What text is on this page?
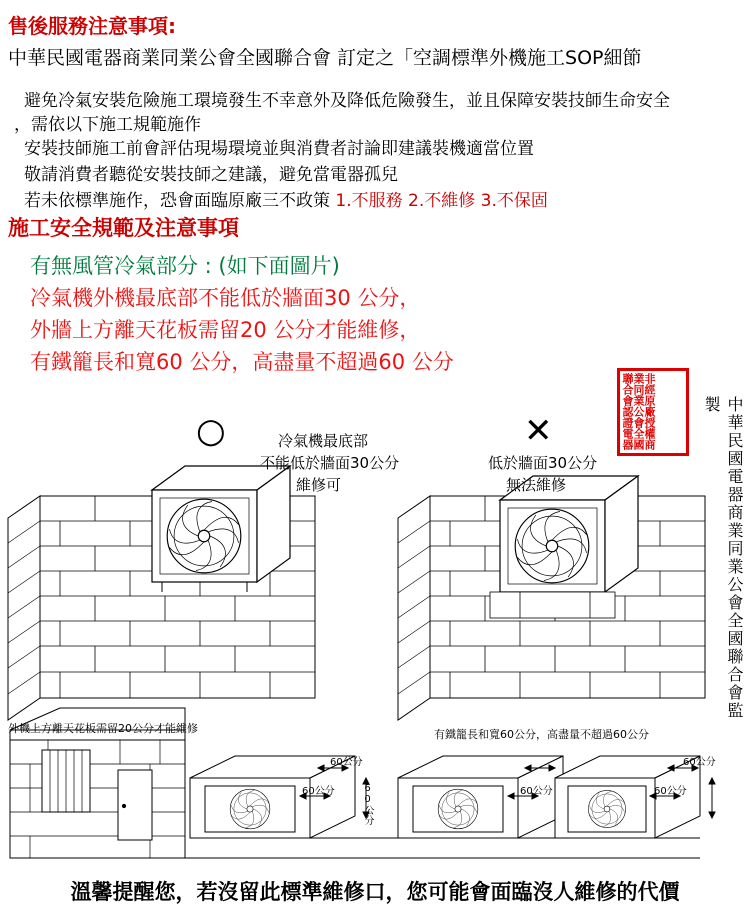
售後服務注意事項:
中華民國電器商業同業公會全國聯合會 訂定之「空調標準外機施工SOP細節
避免冷氣安裝危險施工環境發生不幸意外及降低危險發生，並且保障安裝技師生命安全
，需依以下施工規範施作
安裝技師施工前會評估現場環境並與消費者討論即建議裝機適當位置
敬請消費者聽從安裝技師之建議，避免當電器孤兒
若未依標準施作，恐會面臨原廠三不政策 1.不服務 2.不維修 3.不保固
施工安全規範及注意事項
有無風管冷氣部分 : (如下面圖片)
冷氣機外機最底部不能低於牆面30 公分，
外牆上方離天花板需留20 公分才能維修，
有鐵籠長和寬60 公分，高盡量不超過60 公分
非經原廠授權商業同業公會全國聯合會認證電器	中華民國電器商業同業公會全國聯合會監製
○	✕
冷氣機最底部
不能低於牆面30公分
維修可
低於牆面30公分
無法維修
外機上方離天花板需留20公分才能維修	有鐵籠長和寬60公分，高盡量不超過60公分
60公分
60公分	60公分	60公分
60公分
60公分
溫馨提醒您，若沒留此標準維修口，您可能會面臨沒人維修的代價
